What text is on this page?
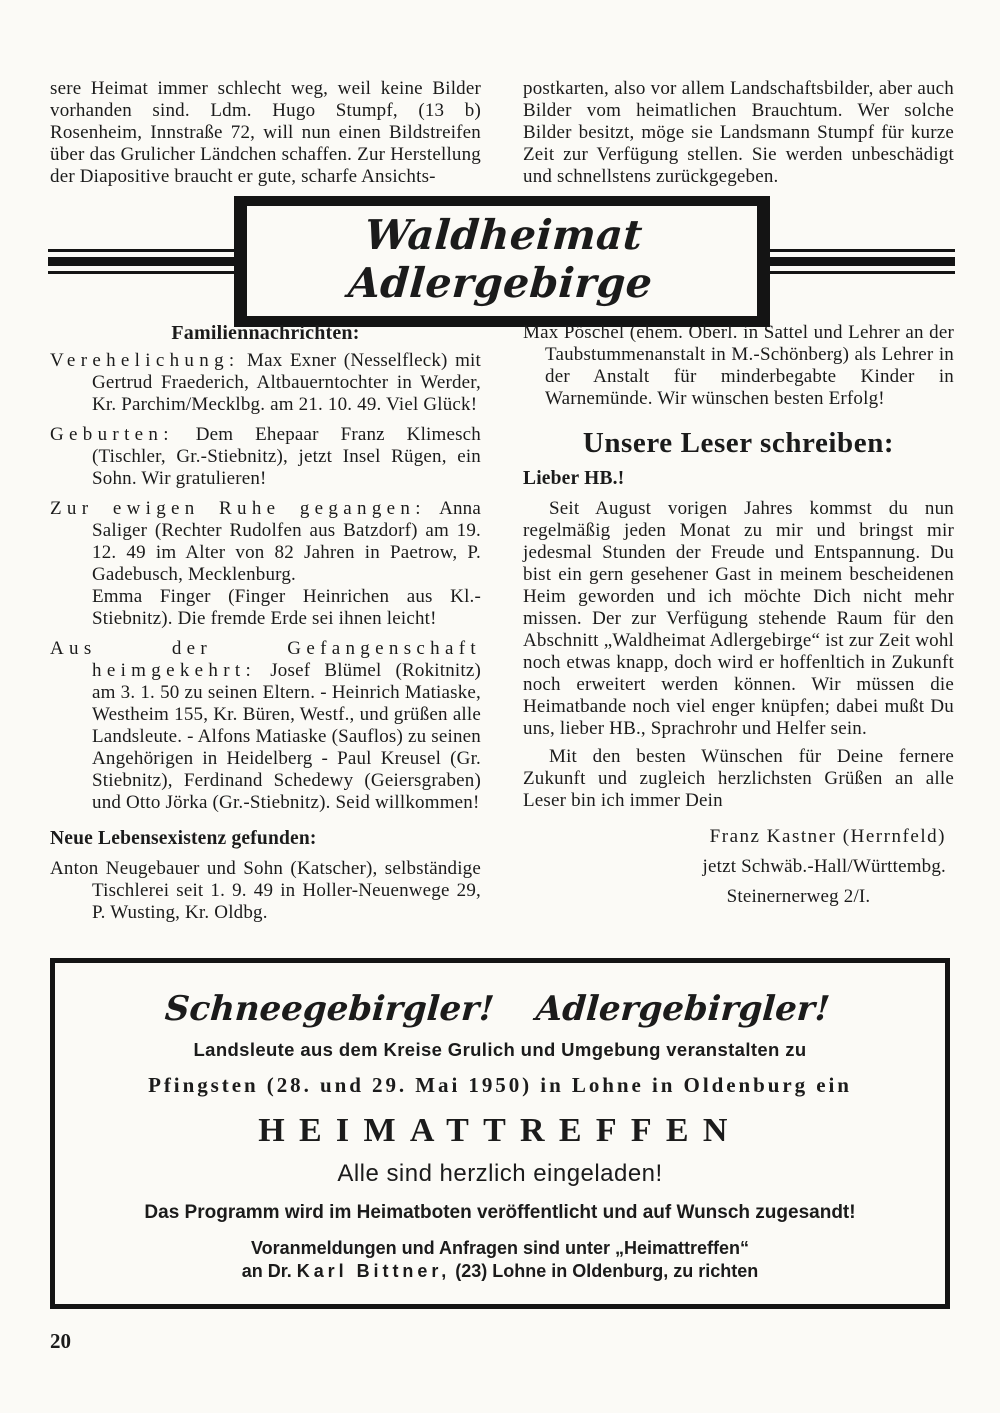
sere Heimat immer schlecht weg, weil keine Bilder vorhanden sind. Ldm. Hugo Stumpf, (13 b) Rosenheim, Innstraße 72, will nun einen Bildstreifen über das Grulicher Ländchen schaffen. Zur Herstellung der Diapositive braucht er gute, scharfe Ansichts-

postkarten, also vor allem Landschaftsbilder, aber auch Bilder vom heimatlichen Brauchtum. Wer solche Bilder besitzt, möge sie Landsmann Stumpf für kurze Zeit zur Verfügung stellen. Sie werden unbeschädigt und schnellstens zurückgegeben.

Waldheimat Adlergebirge
Familiennachrichten:
Verehelichung: Max Exner (Nesselfleck) mit Gertrud Fraederich, Altbauerntochter in Werder, Kr. Parchim/Mecklbg. am 21. 10. 49. Viel Glück!
Geburten: Dem Ehepaar Franz Klimesch (Tischler, Gr.-Stiebnitz), jetzt Insel Rügen, ein Sohn. Wir gratulieren!
Zur ewigen Ruhe gegangen: Anna Saliger (Rechter Rudolfen aus Batzdorf) am 19. 12. 49 im Alter von 82 Jahren in Paetrow, P. Gadebusch, Mecklenburg.
Emma Finger (Finger Heinrichen aus Kl.-Stiebnitz). Die fremde Erde sei ihnen leicht!
Aus der Gefangenschaft heimgekehrt: Josef Blümel (Rokitnitz) am 3. 1. 50 zu seinen Eltern. - Heinrich Matiaske, Westheim 155, Kr. Büren, Westf., und grüßen alle Landsleute. - Alfons Matiaske (Sauflos) zu seinen Angehörigen in Heidelberg - Paul Kreusel (Gr. Stiebnitz), Ferdinand Schedewy (Geiersgraben) und Otto Jörka (Gr.-Stiebnitz). Seid willkommen!
Neue Lebensexistenz gefunden:
Anton Neugebauer und Sohn (Katscher), selbständige Tischlerei seit 1. 9. 49 in Holler-Neuenwege 29, P. Wusting, Kr. Oldbg.

Max Pöschel (ehem. Oberl. in Sattel und Lehrer an der Taubstummenanstalt in M.-Schönberg) als Lehrer in der Anstalt für minderbegabte Kinder in Warnemünde. Wir wünschen besten Erfolg!

Unsere Leser schreiben:
Lieber HB.!

Seit August vorigen Jahres kommst du nun regelmäßig jeden Monat zu mir und bringst mir jedesmal Stunden der Freude und Entspannung. Du bist ein gern gesehener Gast in meinem bescheidenen Heim geworden und ich möchte Dich nicht mehr missen. Der zur Verfügung stehende Raum für den Abschnitt „Waldheimat Adlergebirge“ ist zur Zeit wohl noch etwas knapp, doch wird er hoffenltich in Zukunft noch erweitert werden können. Wir müssen die Heimatbande noch viel enger knüpfen; dabei mußt Du uns, lieber HB., Sprachrohr und Helfer sein.

Mit den besten Wünschen für Deine fernere Zukunft und zugleich herzlichsten Grüßen an alle Leser bin ich immer Dein

Franz Kastner (Herrnfeld)
jetzt Schwäb.-Hall/Württembg.
Steinernerweg 2/I.
Schneegebirgler! Adlergebirgler!
Landsleute aus dem Kreise Grulich und Umgebung veranstalten zu
Pfingsten (28. und 29. Mai 1950) in Lohne in Oldenburg ein
HEIMATTREFFEN
Alle sind herzlich eingeladen!
Das Programm wird im Heimatboten veröffentlicht und auf Wunsch zugesandt!
Voranmeldungen und Anfragen sind unter „Heimattreffen“
an Dr. Karl Bittner, (23) Lohne in Oldenburg, zu richten
20
